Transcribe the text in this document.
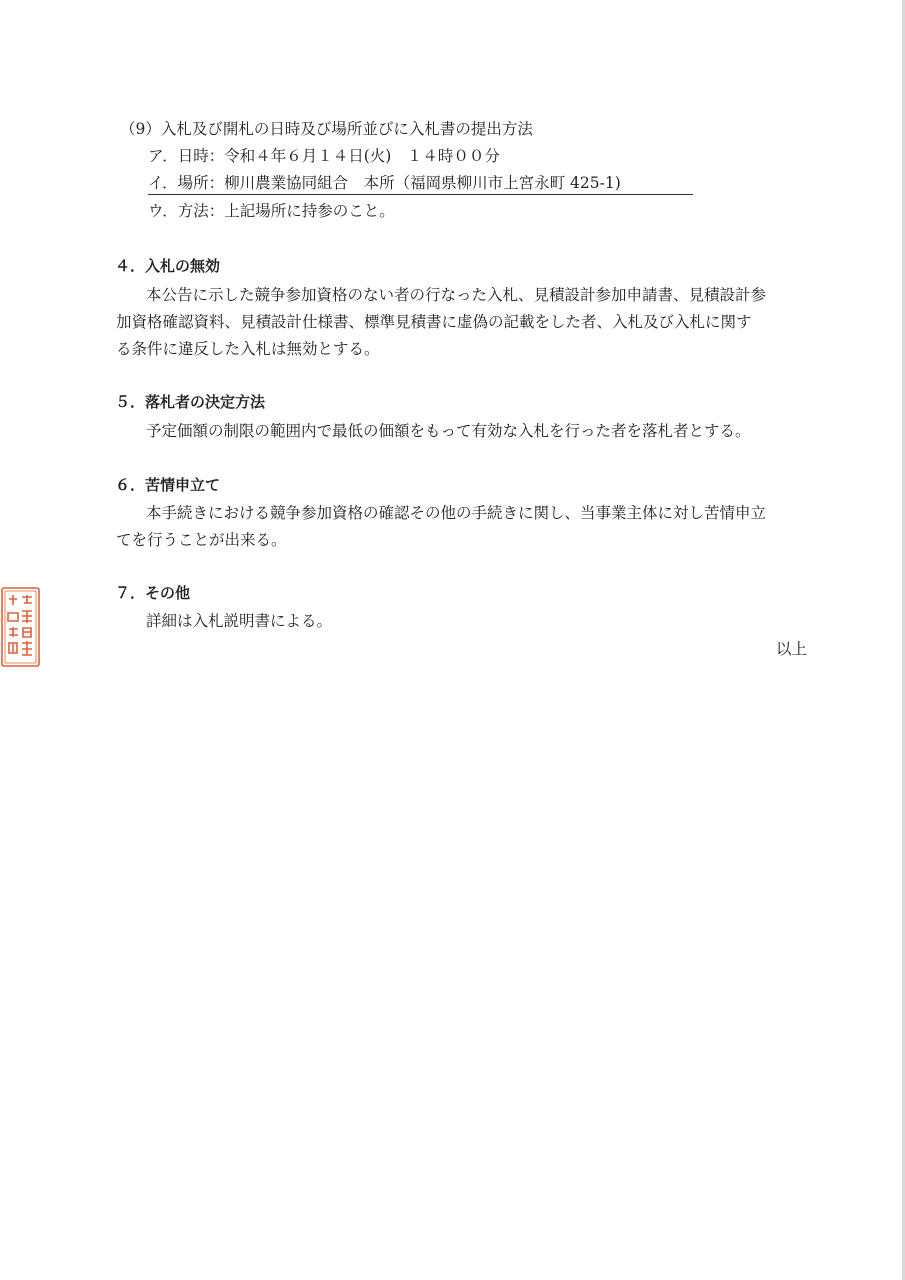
（9）入札及び開札の日時及び場所並びに入札書の提出方法
ア．日時：令和４年６月１４日(火)　１４時００分
イ．場所：柳川農業協同組合　本所（福岡県柳川市上宮永町 425-1)
ウ．方法：上記場所に持参のこと。
４．入札の無効
本公告に示した競争参加資格のない者の行なった入札、見積設計参加申請書、見積設計参
加資格確認資料、見積設計仕様書、標準見積書に虚偽の記載をした者、入札及び入札に関す
る条件に違反した入札は無効とする。
５．落札者の決定方法
予定価額の制限の範囲内で最低の価額をもって有効な入札を行った者を落札者とする。
６．苦情申立て
本手続きにおける競争参加資格の確認その他の手続きに関し、当事業主体に対し苦情申立
てを行うことが出来る。
７．その他
詳細は入札説明書による。
以上
